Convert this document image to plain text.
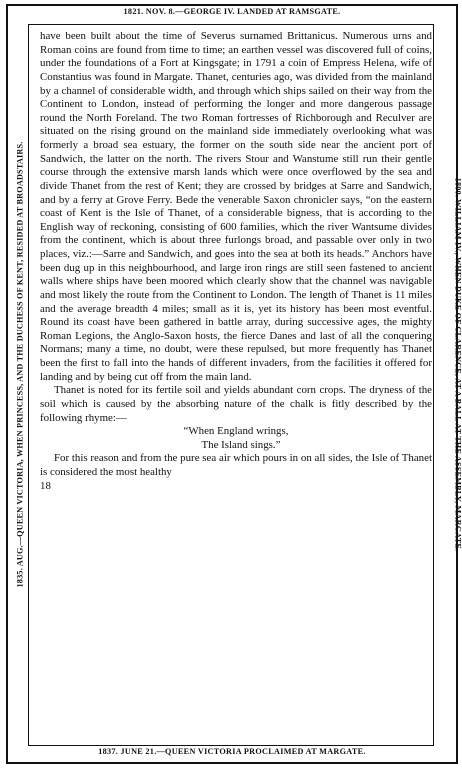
1821. NOV. 8.—GEORGE IV. LANDED AT RAMSGATE.
1835. AUG.—QUEEN VICTORIA, WHEN PRINCESS, AND THE DUCHESS OF KENT, RESIDED AT BROADSTAIRS.	1800. WILLIAM IV., WHEN DUKE OF CLARENCE, AT A BALL AT THE ASSEMBLY, MARGATE.

have been built about the time of Severus surnamed Brittanicus. Numerous urns and Roman coins are found from time to time; an earthen vessel was discovered full of coins, under the foundations of a Fort at Kingsgate; in 1791 a coin of Empress Helena, wife of Constantius was found in Margate. Thanet, centuries ago, was divided from the mainland by a channel of considerable width, and through which ships sailed on their way from the Continent to London, instead of performing the longer and more dangerous passage round the North Foreland. The two Roman fortresses of Richborough and Reculver are situated on the rising ground on the mainland side immediately overlooking what was formerly a broad sea estuary, the former on the south side near the ancient port of Sandwich, the latter on the north. The rivers Stour and Wanstume still run their gentle course through the extensive marsh lands which were once overflowed by the sea and divide Thanet from the rest of Kent; they are crossed by bridges at Sarre and Sandwich, and by a ferry at Grove Ferry. Bede the venerable Saxon chronicler says, “on the eastern coast of Kent is the Isle of Thanet, of a considerable bigness, that is according to the English way of reckoning, consisting of 600 families, which the river Wantsume divides from the continent, which is about three furlongs broad, and passable over only in two places, viz.:—Sarre and Sandwich, and goes into the sea at both its heads.” Anchors have been dug up in this neighbourhood, and large iron rings are still seen fastened to ancient walls where ships have been moored which clearly show that the channel was navigable and most likely the route from the Continent to London. The length of Thanet is 11 miles and the average breadth 4 miles; small as it is, yet its history has been most eventful. Round its coast have been gathered in battle array, during successive ages, the mighty Roman Legions, the Anglo-Saxon hosts, the fierce Danes and last of all the conquering Normans; many a time, no doubt, were these repulsed, but more frequently has Thanet been the first to fall into the hands of different invaders, from the facilities it offered for landing and by being cut off from the main land.

Thanet is noted for its fertile soil and yields abundant corn crops. The dryness of the soil which is caused by the absorbing nature of the chalk is fitly described by the following rhyme:—

“When England wrings,
The Island sings.”

For this reason and from the pure sea air which pours in on all sides, the Isle of Thanet is considered the most healthy

18
1837. JUNE 21.—QUEEN VICTORIA PROCLAIMED AT MARGATE.
